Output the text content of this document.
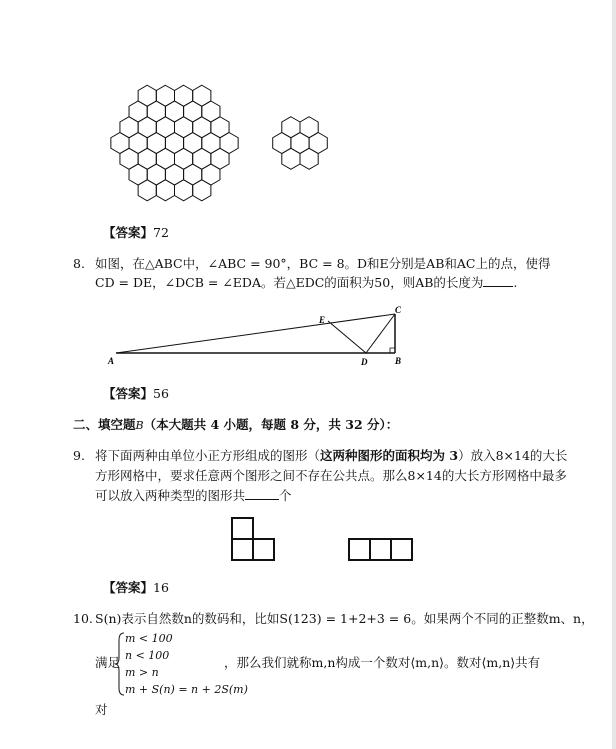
【答案】72
8. 如图，在△ABC中，∠ABC = 90°，BC = 8。D和E分别是AB和AC上的点，使得
CD = DE，∠DCB = ∠EDA。若△EDC的面积为50，则AB的长度为 .
A	B
C
D
E
【答案】56
二、填空题B（本大题共 4 小题，每题 8 分，共 32 分）：
9. 将下面两种由单位小正方形组成的图形（这两种图形的面积均为 3）放入8×14的大长
方形网格中，要求任意两个图形之间不存在公共点。那么8×14的大长方形网格中最多
可以放入两种类型的图形共	个
【答案】16
10. S(n)表示自然数n的数码和，比如S(123) = 1+2+3 = 6。如果两个不同的正整数m、n，
满足
m < 100
n < 100
m > n
m + S(n) = n + 2S(m)
，那么我们就称m,n构成一个数对⟨m,n⟩。数对⟨m,n⟩共有
对
